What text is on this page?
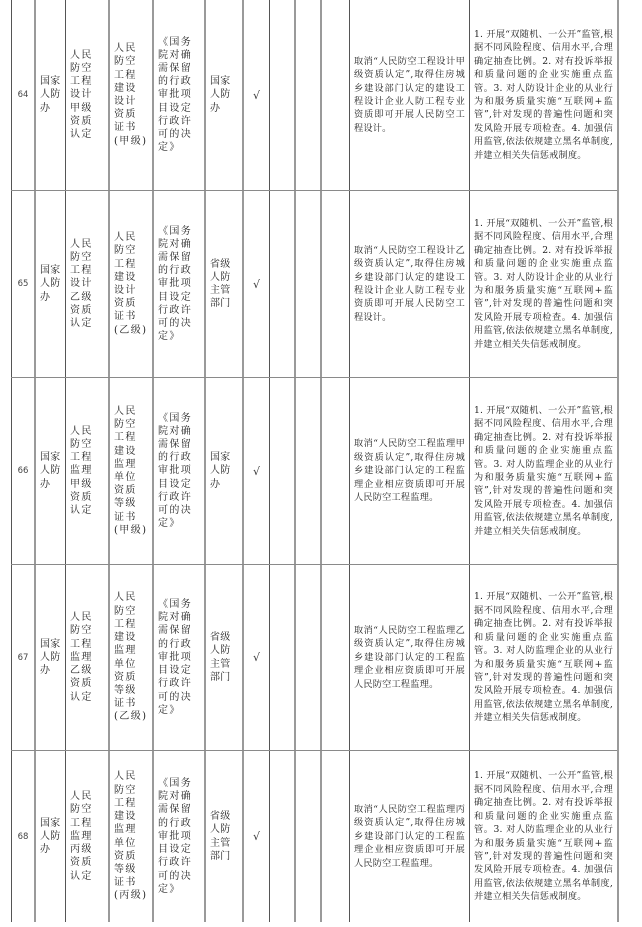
64
国家人防办
人民防空工程设计甲级资质认定
人民防空工程建设设计资质证书(甲级)
《国务院对确需保留的行政审批项目设定行政许可的决定》
国家人防办
√
取消“人民防空工程设计甲级资质认定”,取得住房城乡建设部门认定的建设工程设计企业人防工程专业资质即可开展人民防空工程设计。
1. 开展“双随机、一公开”监管,根据不同风险程度、信用水平,合理确定抽查比例。2. 对有投诉举报和质量问题的企业实施重点监管。3. 对人防设计企业的从业行为和服务质量实施“互联网+监管”,针对发现的普遍性问题和突发风险开展专项检查。4. 加强信用监管,依法依规建立黑名单制度,并建立相关失信惩戒制度。
65
国家人防办
人民防空工程设计乙级资质认定
人民防空工程建设设计资质证书(乙级)
《国务院对确需保留的行政审批项目设定行政许可的决定》
省级人防主管部门
√
取消“人民防空工程设计乙级资质认定”,取得住房城乡建设部门认定的建设工程设计企业人防工程专业资质即可开展人民防空工程设计。
1. 开展“双随机、一公开”监管,根据不同风险程度、信用水平,合理确定抽查比例。2. 对有投诉举报和质量问题的企业实施重点监管。3. 对人防设计企业的从业行为和服务质量实施“互联网+监管”,针对发现的普遍性问题和突发风险开展专项检查。4. 加强信用监管,依法依规建立黑名单制度,并建立相关失信惩戒制度。
66
国家人防办
人民防空工程监理甲级资质认定
人民防空工程建设监理单位资质等级证书(甲级)
《国务院对确需保留的行政审批项目设定行政许可的决定》
国家人防办
√
取消“人民防空工程监理甲级资质认定”,取得住房城乡建设部门认定的工程监理企业相应资质即可开展人民防空工程监理。
1. 开展“双随机、一公开”监管,根据不同风险程度、信用水平,合理确定抽查比例。2. 对有投诉举报和质量问题的企业实施重点监管。3. 对人防监理企业的从业行为和服务质量实施“互联网+监管”,针对发现的普遍性问题和突发风险开展专项检查。4. 加强信用监管,依法依规建立黑名单制度,并建立相关失信惩戒制度。
67
国家人防办
人民防空工程监理乙级资质认定
人民防空工程建设监理单位资质等级证书(乙级)
《国务院对确需保留的行政审批项目设定行政许可的决定》
省级人防主管部门
√
取消“人民防空工程监理乙级资质认定”,取得住房城乡建设部门认定的工程监理企业相应资质即可开展人民防空工程监理。
1. 开展“双随机、一公开”监管,根据不同风险程度、信用水平,合理确定抽查比例。2. 对有投诉举报和质量问题的企业实施重点监管。3. 对人防监理企业的从业行为和服务质量实施“互联网+监管”,针对发现的普遍性问题和突发风险开展专项检查。4. 加强信用监管,依法依规建立黑名单制度,并建立相关失信惩戒制度。
68
国家人防办
人民防空工程监理丙级资质认定
人民防空工程建设监理单位资质等级证书(丙级)
《国务院对确需保留的行政审批项目设定行政许可的决定》
省级人防主管部门
√
取消“人民防空工程监理丙级资质认定”,取得住房城乡建设部门认定的工程监理企业相应资质即可开展人民防空工程监理。
1. 开展“双随机、一公开”监管,根据不同风险程度、信用水平,合理确定抽查比例。2. 对有投诉举报和质量问题的企业实施重点监管。3. 对人防监理企业的从业行为和服务质量实施“互联网+监管”,针对发现的普遍性问题和突发风险开展专项检查。4. 加强信用监管,依法依规建立黑名单制度,并建立相关失信惩戒制度。
